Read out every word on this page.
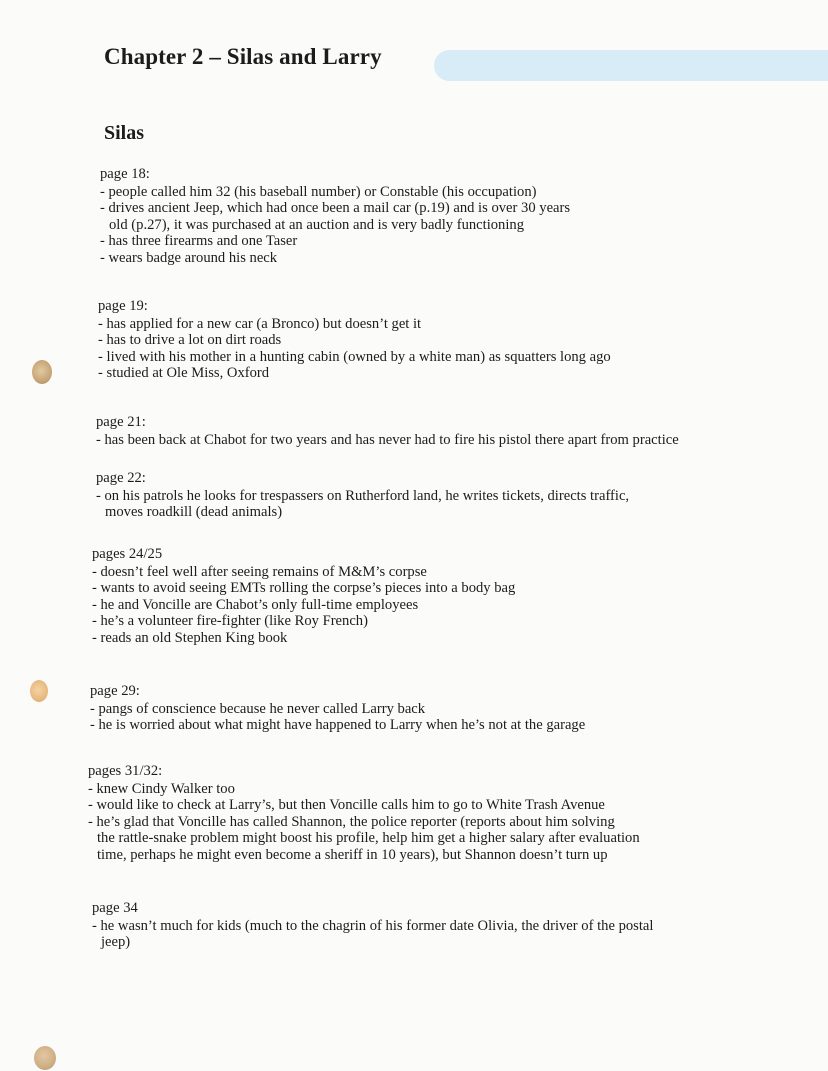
Chapter 2 – Silas and Larry
Silas
page 18:
- people called him 32 (his baseball number) or Constable (his occupation)
- drives ancient Jeep, which had once been a mail car (p.19) and is over 30 years
old (p.27), it was purchased at an auction and is very badly functioning
- has three firearms and one Taser
- wears badge around his neck
page 19:
- has applied for a new car (a Bronco) but doesn’t get it
- has to drive a lot on dirt roads
- lived with his mother in a hunting cabin (owned by a white man) as squatters long ago
- studied at Ole Miss, Oxford
page 21:
- has been back at Chabot for two years and has never had to fire his pistol there apart from practice
page 22:
- on his patrols he looks for trespassers on Rutherford land, he writes tickets, directs traffic,
moves roadkill (dead animals)
pages 24/25
- doesn’t feel well after seeing remains of M&M’s corpse
- wants to avoid seeing EMTs rolling the corpse’s pieces into a body bag
- he and Voncille are Chabot’s only full-time employees
- he’s a volunteer fire-fighter (like Roy French)
- reads an old Stephen King book
page 29:
- pangs of conscience because he never called Larry back
- he is worried about what might have happened to Larry when he’s not at the garage
pages 31/32:
- knew Cindy Walker too
- would like to check at Larry’s, but then Voncille calls him to go to White Trash Avenue
- he’s glad that Voncille has called Shannon, the police reporter (reports about him solving
the rattle-snake problem might boost his profile, help him get a higher salary after evaluation
time, perhaps he might even become a sheriff in 10 years), but Shannon doesn’t turn up
page 34
- he wasn’t much for kids (much to the chagrin of his former date Olivia, the driver of the postal
jeep)
